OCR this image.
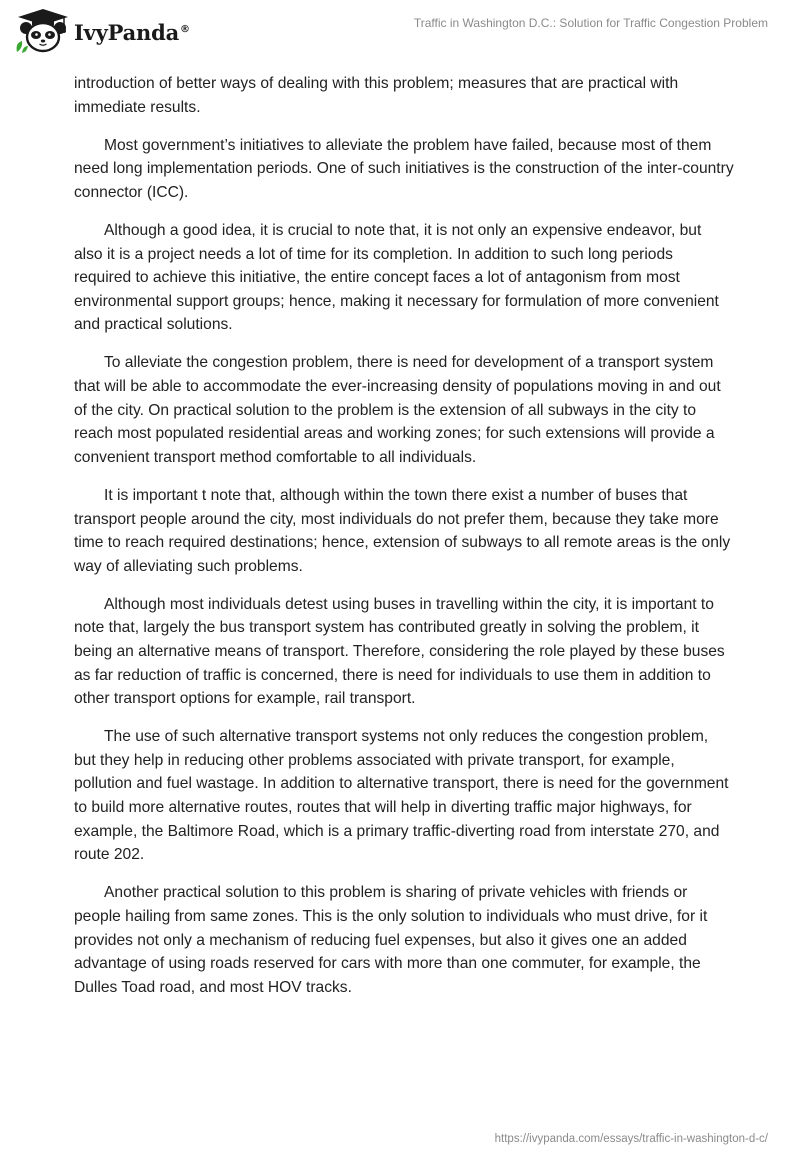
IvyPanda®	Traffic in Washington D.C.: Solution for Traffic Congestion Problem

introduction of better ways of dealing with this problem; measures that are practical with immediate results.

Most government’s initiatives to alleviate the problem have failed, because most of them need long implementation periods. One of such initiatives is the construction of the inter-country connector (ICC).

Although a good idea, it is crucial to note that, it is not only an expensive endeavor, but also it is a project needs a lot of time for its completion. In addition to such long periods required to achieve this initiative, the entire concept faces a lot of antagonism from most environmental support groups; hence, making it necessary for formulation of more convenient and practical solutions.

To alleviate the congestion problem, there is need for development of a transport system that will be able to accommodate the ever-increasing density of populations moving in and out of the city. On practical solution to the problem is the extension of all subways in the city to reach most populated residential areas and working zones; for such extensions will provide a convenient transport method comfortable to all individuals.

It is important t note that, although within the town there exist a number of buses that transport people around the city, most individuals do not prefer them, because they take more time to reach required destinations; hence, extension of subways to all remote areas is the only way of alleviating such problems.

Although most individuals detest using buses in travelling within the city, it is important to note that, largely the bus transport system has contributed greatly in solving the problem, it being an alternative means of transport. Therefore, considering the role played by these buses as far reduction of traffic is concerned, there is need for individuals to use them in addition to other transport options for example, rail transport.

The use of such alternative transport systems not only reduces the congestion problem, but they help in reducing other problems associated with private transport, for example, pollution and fuel wastage. In addition to alternative transport, there is need for the government to build more alternative routes, routes that will help in diverting traffic major highways, for example, the Baltimore Road, which is a primary traffic-diverting road from interstate 270, and route 202.

Another practical solution to this problem is sharing of private vehicles with friends or people hailing from same zones. This is the only solution to individuals who must drive, for it provides not only a mechanism of reducing fuel expenses, but also it gives one an added advantage of using roads reserved for cars with more than one commuter, for example, the Dulles Toad road, and most HOV tracks.

https://ivypanda.com/essays/traffic-in-washington-d-c/
